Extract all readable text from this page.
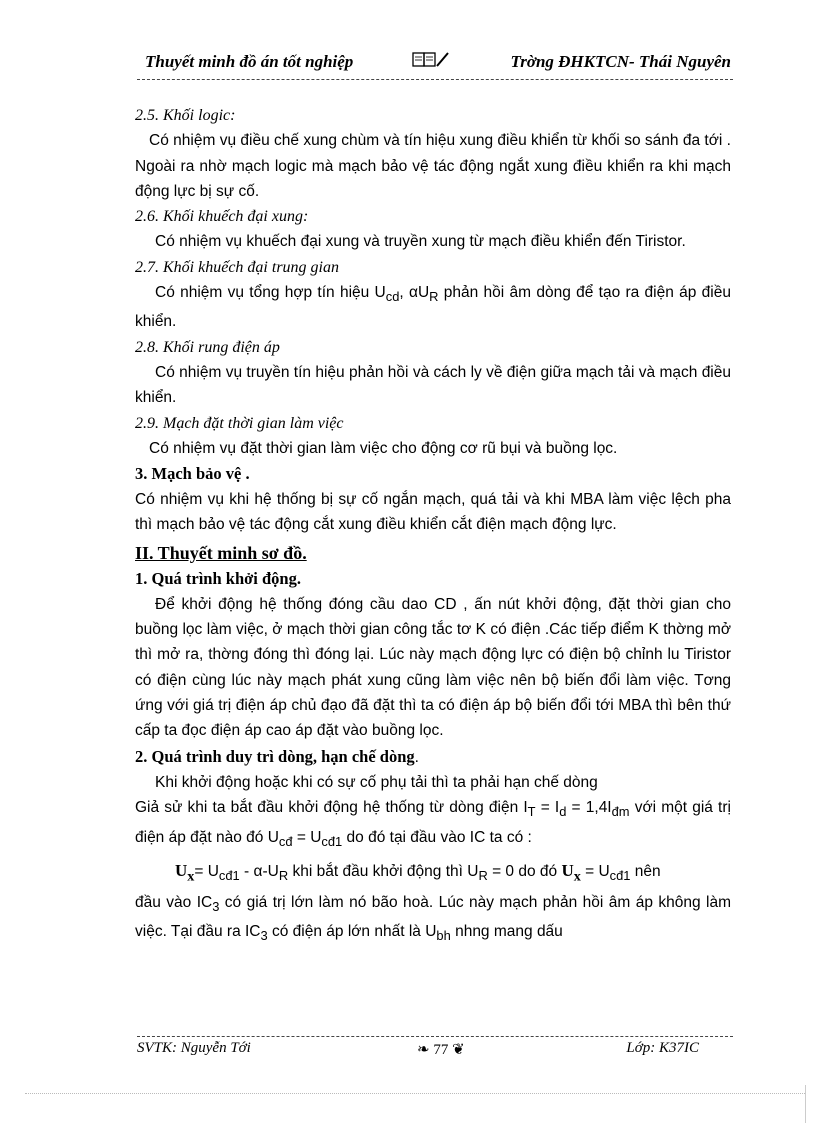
Thuyết minh đồ án tốt nghiệp	Trờng ĐHKTCN- Thái Nguyên

2.5. Khối logic:

Có nhiệm vụ điều chế xung chùm và tín hiệu xung điều khiển từ khối so sánh đa tới . Ngoài ra nhờ mạch logic mà mạch bảo vệ tác động ngắt xung điều khiển ra khi mạch động lực bị sự cố.

2.6. Khối khuếch đại xung:

Có nhiệm vụ khuếch đại xung và truyền xung từ mạch điều khiển đến Tiristor.

2.7. Khối khuếch đại trung gian

Có nhiệm vụ tổng hợp tín hiệu $U_{cd}$, $\alpha U_R$ phản hồi âm dòng để tạo ra điện áp điều khiển.

2.8. Khối rung điện áp

Có nhiệm vụ truyền tín hiệu phản hồi và cách ly về điện giữa mạch tải và mạch điều khiển.

2.9. Mạch đặt thời gian làm việc

Có nhiệm vụ đặt thời gian làm việc cho động cơ rũ bụi và buồng lọc.

3. Mạch bảo vệ .

Có nhiệm vụ khi hệ thống bị sự cố ngắn mạch, quá tải và khi MBA làm việc lệch pha thì mạch bảo vệ tác động cắt xung điều khiển cắt điện mạch động lực.

II. Thuyết minh sơ đồ.

1. Quá trình khởi động.

Để khởi động hệ thống đóng cầu dao CD , ấn nút khởi động, đặt thời gian cho buồng lọc làm việc, ở mạch thời gian công tắc tơ K có điện .Các tiếp điểm K thờng mở thì mở ra, thờng đóng thì đóng lại. Lúc này mạch động lực có điện bộ chỉnh lu Tiristor có điện cùng lúc này mạch phát xung cũng làm việc nên bộ biến đổi làm việc. Tơng ứng với giá trị điện áp chủ đạo đã đặt thì ta có điện áp bộ biến đổi tới MBA thì bên thứ cấp ta đọc điện áp cao áp đặt vào buồng lọc.

2. Quá trình duy trì dòng, hạn chế dòng.

Khi khởi động hoặc khi có sự cố phụ tải thì ta phải hạn chế dòng

Giả sử khi ta bắt đầu khởi động hệ thống từ dòng điện $I_T = I_d = 1,4I_{đm}$ với một giá trị điện áp đặt nào đó $U_{cđ} = U_{cđ1}$ do đó tại đầu vào IC ta có :

$U_x= U_{cđ1} - \alpha-U_R$ khi bắt đầu khởi động thì $U_R = 0$ do đó $U_x = U_{cđ1}$ nên

đầu vào $IC_3$ có giá trị lớn làm nó bão hoà. Lúc này mạch phản hồi âm áp không làm việc. Tại đầu ra $IC_3$ có điện áp lớn nhất là $U_{bh}$ nhng mang dấu

SVTK: Nguyễn Tới	❧ 77 ❦	Lớp: K37IC
